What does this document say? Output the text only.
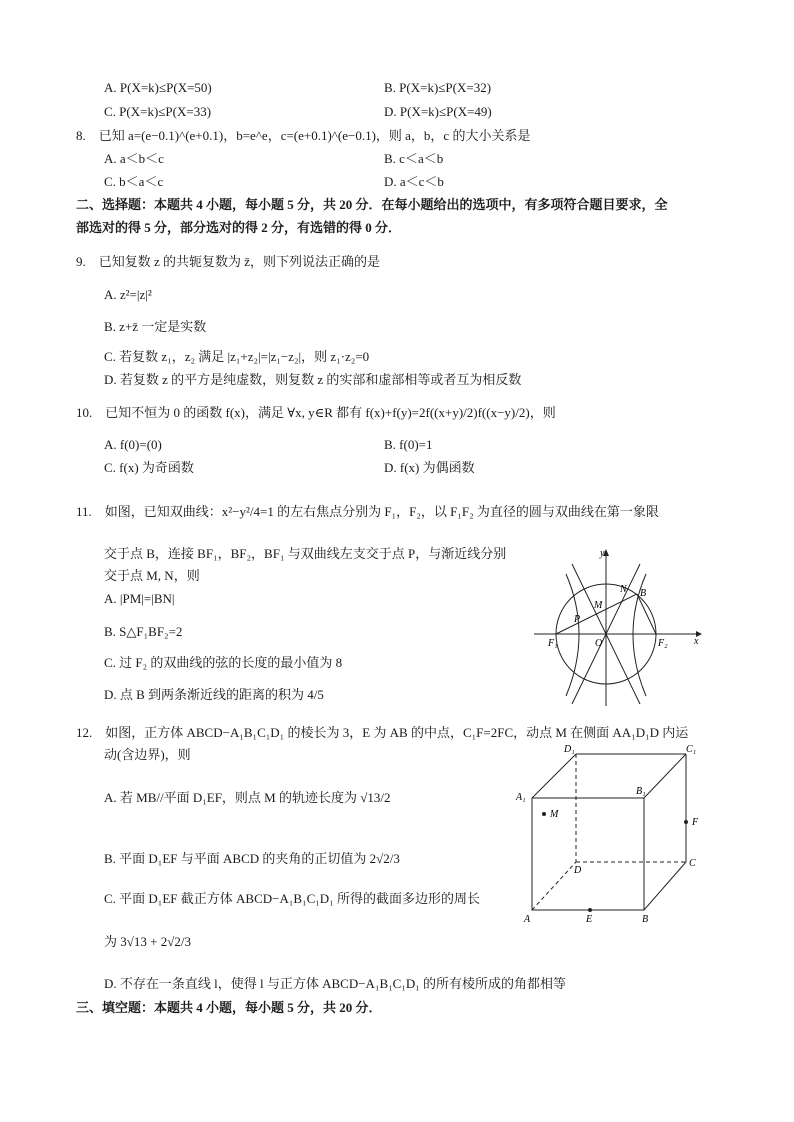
A. P(X=k)≤P(X=50)	B. P(X=k)≤P(X=32)
C. P(X=k)≤P(X=33)	D. P(X=k)≤P(X=49)
8.　已知 a=(e−0.1)^(e+0.1)，b=e^e，c=(e+0.1)^(e−0.1)，则 a，b，c 的大小关系是
A. a＜b＜c	B. c＜a＜b
C. b＜a＜c	D. a＜c＜b
二、选择题：本题共 4 小题，每小题 5 分，共 20 分．在每小题给出的选项中，有多项符合题目要求，全
部选对的得 5 分，部分选对的得 2 分，有选错的得 0 分．
9.　已知复数 z 的共轭复数为 z̄，则下列说法正确的是
A. z²=|z|²
B. z+z̄ 一定是实数
C. 若复数 z₁，z₂ 满足 |z₁+z₂|=|z₁−z₂|，则 z₁·z₂=0
D. 若复数 z 的平方是纯虚数，则复数 z 的实部和虚部相等或者互为相反数
10.　已知不恒为 0 的函数 f(x)，满足 ∀x, y∈R 都有 f(x)+f(y)=2f((x+y)/2)f((x−y)/2)，则
A. f(0)=(0)	B. f(0)=1
C. f(x) 为奇函数	D. f(x) 为偶函数
11.　如图，已知双曲线：x²−y²/4=1 的左右焦点分别为 F₁，F₂，以 F₁F₂ 为直径的圆与双曲线在第一象限
交于点 B，连接 BF₁，BF₂，BF₁ 与双曲线左支交于点 P，与渐近线分别
交于点 M, N，则
A. |PM|=|BN|
B. S△F₁BF₂=2
C. 过 F₂ 的双曲线的弦的长度的最小值为 8
D. 点 B 到两条渐近线的距离的积为 4/5
y
x
B
N
M
P
F₁	O	F₂
12.　如图，正方体 ABCD−A₁B₁C₁D₁ 的棱长为 3，E 为 AB 的中点，C₁F=2FC，动点 M 在侧面 AA₁D₁D 内运
动(含边界)，则
A. 若 MB//平面 D₁EF，则点 M 的轨迹长度为 √13/2
B. 平面 D₁EF 与平面 ABCD 的夹角的正切值为 2√2/3
C. 平面 D₁EF 截正方体 ABCD−A₁B₁C₁D₁ 所得的截面多边形的周长
为 3√13 + 2√2/3
D. 不存在一条直线 l，使得 l 与正方体 ABCD−A₁B₁C₁D₁ 的所有棱所成的角都相等
D₁	C₁
A₁
B₁
M
F
D
C
A	E	B
三、填空题：本题共 4 小题，每小题 5 分，共 20 分．
